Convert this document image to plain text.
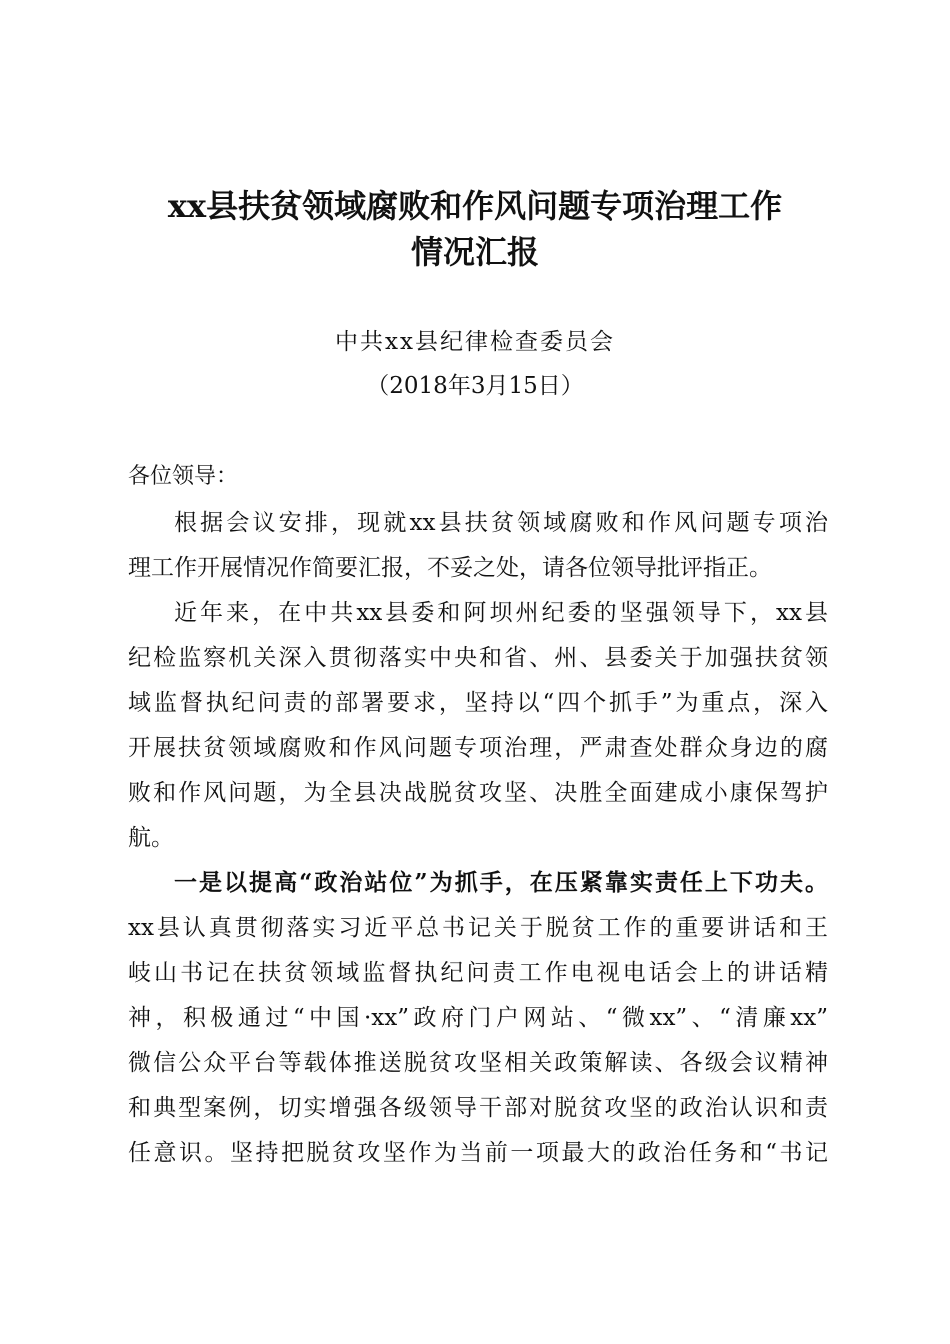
xx县扶贫领域腐败和作风问题专项治理工作
情况汇报
中共xx县纪律检查委员会
（2018年3月15日）
各位领导：
根据会议安排，现就xx县扶贫领域腐败和作风问题专项治
理工作开展情况作简要汇报，不妥之处，请各位领导批评指正。
近年来，在中共xx县委和阿坝州纪委的坚强领导下，xx县
纪检监察机关深入贯彻落实中央和省、州、县委关于加强扶贫领
域监督执纪问责的部署要求，坚持以“四个抓手”为重点，深入
开展扶贫领域腐败和作风问题专项治理，严肃查处群众身边的腐
败和作风问题，为全县决战脱贫攻坚、决胜全面建成小康保驾护
航。
一是以提高“政治站位”为抓手，在压紧靠实责任上下功夫。
xx县认真贯彻落实习近平总书记关于脱贫工作的重要讲话和王
岐山书记在扶贫领域监督执纪问责工作电视电话会上的讲话精
神，积极通过“中国·xx”政府门户网站、“微xx”、“清廉xx”
微信公众平台等载体推送脱贫攻坚相关政策解读、各级会议精神
和典型案例，切实增强各级领导干部对脱贫攻坚的政治认识和责
任意识。坚持把脱贫攻坚作为当前一项最大的政治任务和“书记
